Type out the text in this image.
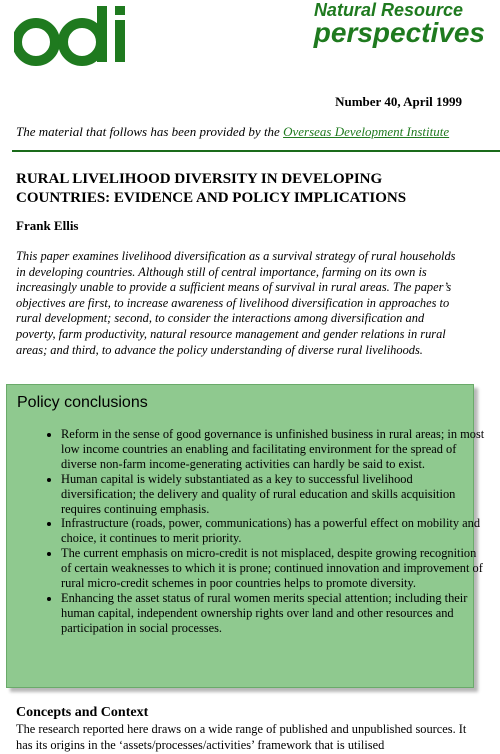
Natural Resource
perspectives
Number 40, April 1999
The material that follows has been provided by the Overseas Development Institute
RURAL LIVELIHOOD DIVERSITY IN DEVELOPING COUNTRIES: EVIDENCE AND POLICY IMPLICATIONS
Frank Ellis
This paper examines livelihood diversification as a survival strategy of rural households in developing countries. Although still of central importance, farming on its own is increasingly unable to provide a sufficient means of survival in rural areas. The paper’s objectives are first, to increase awareness of livelihood diversification in approaches to rural development; second, to consider the interactions among diversification and poverty, farm productivity, natural resource management and gender relations in rural areas; and third, to advance the policy understanding of diverse rural livelihoods.
Policy conclusions
• Reform in the sense of good governance is unfinished business in rural areas; in most low income countries an enabling and facilitating environment for the spread of diverse non-farm income-generating activities can hardly be said to exist.
• Human capital is widely substantiated as a key to successful livelihood diversification; the delivery and quality of rural education and skills acquisition requires continuing emphasis.
• Infrastructure (roads, power, communications) has a powerful effect on mobility and choice, it continues to merit priority.
• The current emphasis on micro-credit is not misplaced, despite growing recognition of certain weaknesses to which it is prone; continued innovation and improvement of rural micro-credit schemes in poor countries helps to promote diversity.
• Enhancing the asset status of rural women merits special attention; including their human capital, independent ownership rights over land and other resources and participation in social processes.
Concepts and Context
The research reported here draws on a wide range of published and unpublished sources. It has its origins in the ‘assets/processes/activities’ framework that is utilised
